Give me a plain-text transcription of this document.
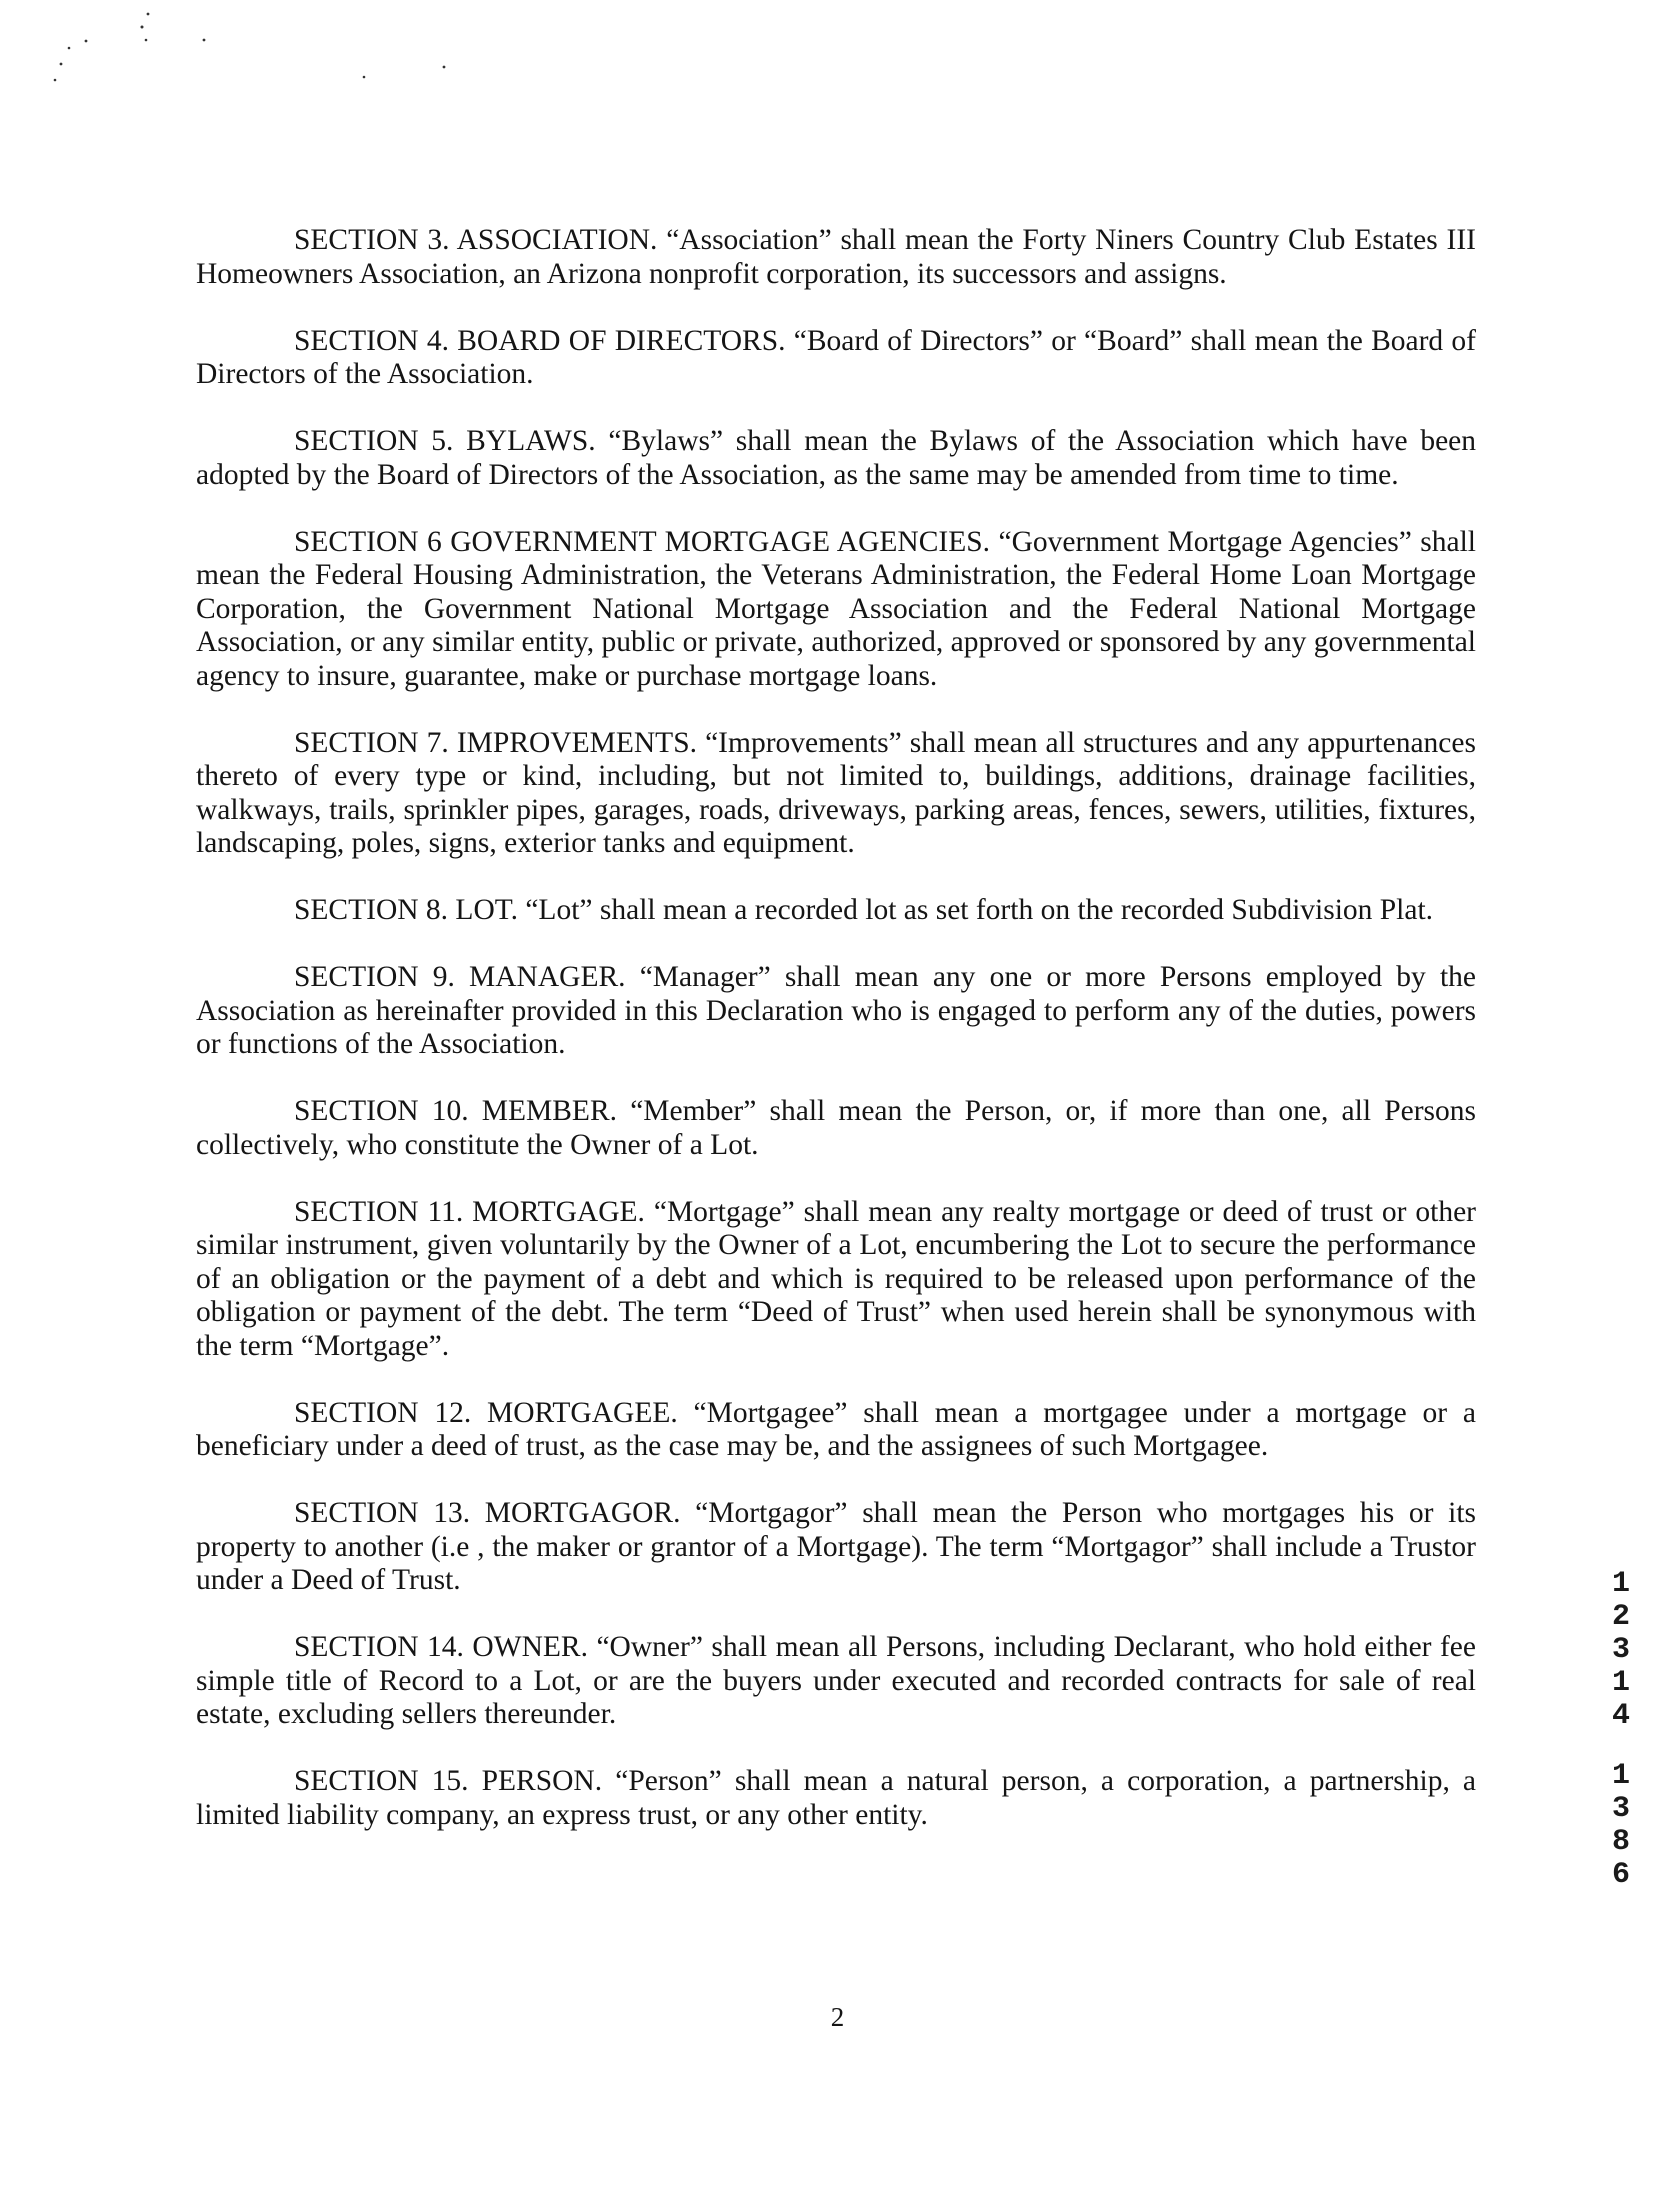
SECTION 3. ASSOCIATION. “Association” shall mean the Forty Niners Country Club Estates III Homeowners Association, an Arizona nonprofit corporation, its successors and assigns.

SECTION 4. BOARD OF DIRECTORS. “Board of Directors” or “Board” shall mean the Board of Directors of the Association.

SECTION 5. BYLAWS. “Bylaws” shall mean the Bylaws of the Association which have been adopted by the Board of Directors of the Association, as the same may be amended from time to time.

SECTION 6 GOVERNMENT MORTGAGE AGENCIES. “Government Mortgage Agencies” shall mean the Federal Housing Administration, the Veterans Administration, the Federal Home Loan Mortgage Corporation, the Government National Mortgage Association and the Federal National Mortgage Association, or any similar entity, public or private, authorized, approved or sponsored by any governmental agency to insure, guarantee, make or purchase mortgage loans.

SECTION 7. IMPROVEMENTS. “Improvements” shall mean all structures and any appurtenances thereto of every type or kind, including, but not limited to, buildings, additions, drainage facilities, walkways, trails, sprinkler pipes, garages, roads, driveways, parking areas, fences, sewers, utilities, fixtures, landscaping, poles, signs, exterior tanks and equipment.

SECTION 8. LOT. “Lot” shall mean a recorded lot as set forth on the recorded Subdivision Plat.

SECTION 9. MANAGER. “Manager” shall mean any one or more Persons employed by the Association as hereinafter provided in this Declaration who is engaged to perform any of the duties, powers or functions of the Association.

SECTION 10. MEMBER. “Member” shall mean the Person, or, if more than one, all Persons collectively, who constitute the Owner of a Lot.

SECTION 11. MORTGAGE. “Mortgage” shall mean any realty mortgage or deed of trust or other similar instrument, given voluntarily by the Owner of a Lot, encumbering the Lot to secure the performance of an obligation or the payment of a debt and which is required to be released upon performance of the obligation or payment of the debt. The term “Deed of Trust” when used herein shall be synonymous with the term “Mortgage”.

SECTION 12. MORTGAGEE. “Mortgagee” shall mean a mortgagee under a mortgage or a beneficiary under a deed of trust, as the case may be, and the assignees of such Mortgagee.

SECTION 13. MORTGAGOR. “Mortgagor” shall mean the Person who mortgages his or its property to another (i.e , the maker or grantor of a Mortgage). The term “Mortgagor” shall include a Trustor under a Deed of Trust.

SECTION 14. OWNER. “Owner” shall mean all Persons, including Declarant, who hold either fee simple title of Record to a Lot, or are the buyers under executed and recorded contracts for sale of real estate, excluding sellers thereunder.

SECTION 15. PERSON. “Person” shall mean a natural person, a corporation, a partnership, a limited liability company, an express trust, or any other entity.

1
2
3
1
4
1
3
8
6
2
